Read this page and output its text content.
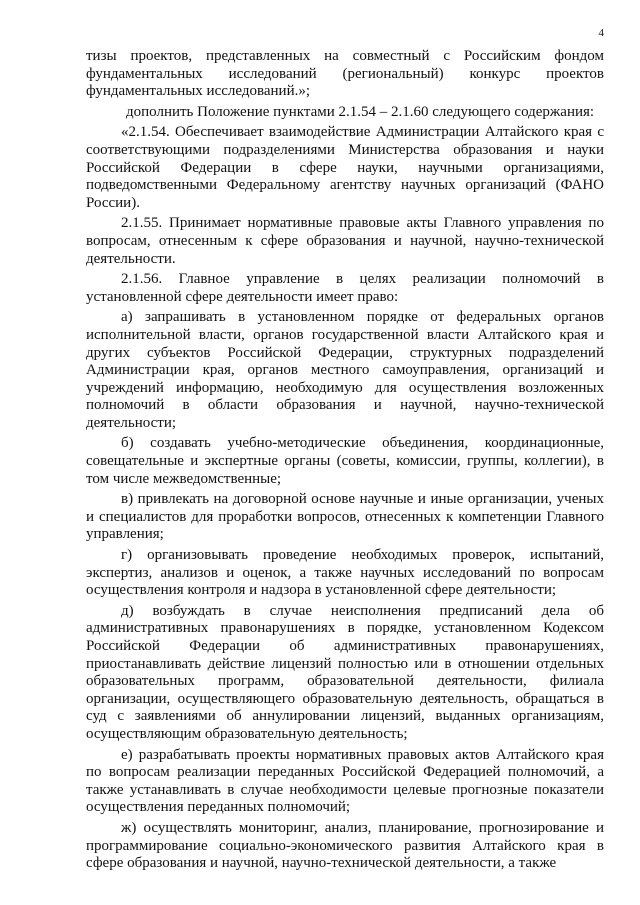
4

тизы проектов, представленных на совместный с Российским фондом фундаментальных исследований (региональный) конкурс проектов фундаментальных исследований.»;

дополнить Положение пунктами 2.1.54 – 2.1.60 следующего содержания:

«2.1.54. Обеспечивает взаимодействие Администрации Алтайского края с соответствующими подразделениями Министерства образования и науки Российской Федерации в сфере науки, научными организациями, подведомственными Федеральному агентству научных организаций (ФАНО России).

2.1.55. Принимает нормативные правовые акты Главного управления по вопросам, отнесенным к сфере образования и научной, научно-технической деятельности.

2.1.56. Главное управление в целях реализации полномочий в установленной сфере деятельности имеет право:

а) запрашивать в установленном порядке от федеральных органов исполнительной власти, органов государственной власти Алтайского края и других субъектов Российской Федерации, структурных подразделений Администрации края, органов местного самоуправления, организаций и учреждений информацию, необходимую для осуществления возложенных полномочий в области образования и научной, научно-технической деятельности;

б) создавать учебно-методические объединения, координационные, совещательные и экспертные органы (советы, комиссии, группы, коллегии), в том числе межведомственные;

в) привлекать на договорной основе научные и иные организации, ученых и специалистов для проработки вопросов, отнесенных к компетенции Главного управления;

г) организовывать проведение необходимых проверок, испытаний, экспертиз, анализов и оценок, а также научных исследований по вопросам осуществления контроля и надзора в установленной сфере деятельности;

д) возбуждать в случае неисполнения предписаний дела об административных правонарушениях в порядке, установленном Кодексом Российской Федерации об административных правонарушениях, приостанавливать действие лицензий полностью или в отношении отдельных образовательных программ, образовательной деятельности, филиала организации, осуществляющего образовательную деятельность, обращаться в суд с заявлениями об аннулировании лицензий, выданных организациям, осуществляющим образовательную деятельность;

е) разрабатывать проекты нормативных правовых актов Алтайского края по вопросам реализации переданных Российской Федерацией полномочий, а также устанавливать в случае необходимости целевые прогнозные показатели осуществления переданных полномочий;

ж) осуществлять мониторинг, анализ, планирование, прогнозирование и программирование социально-экономического развития Алтайского края в сфере образования и научной, научно-технической деятельности, а также
